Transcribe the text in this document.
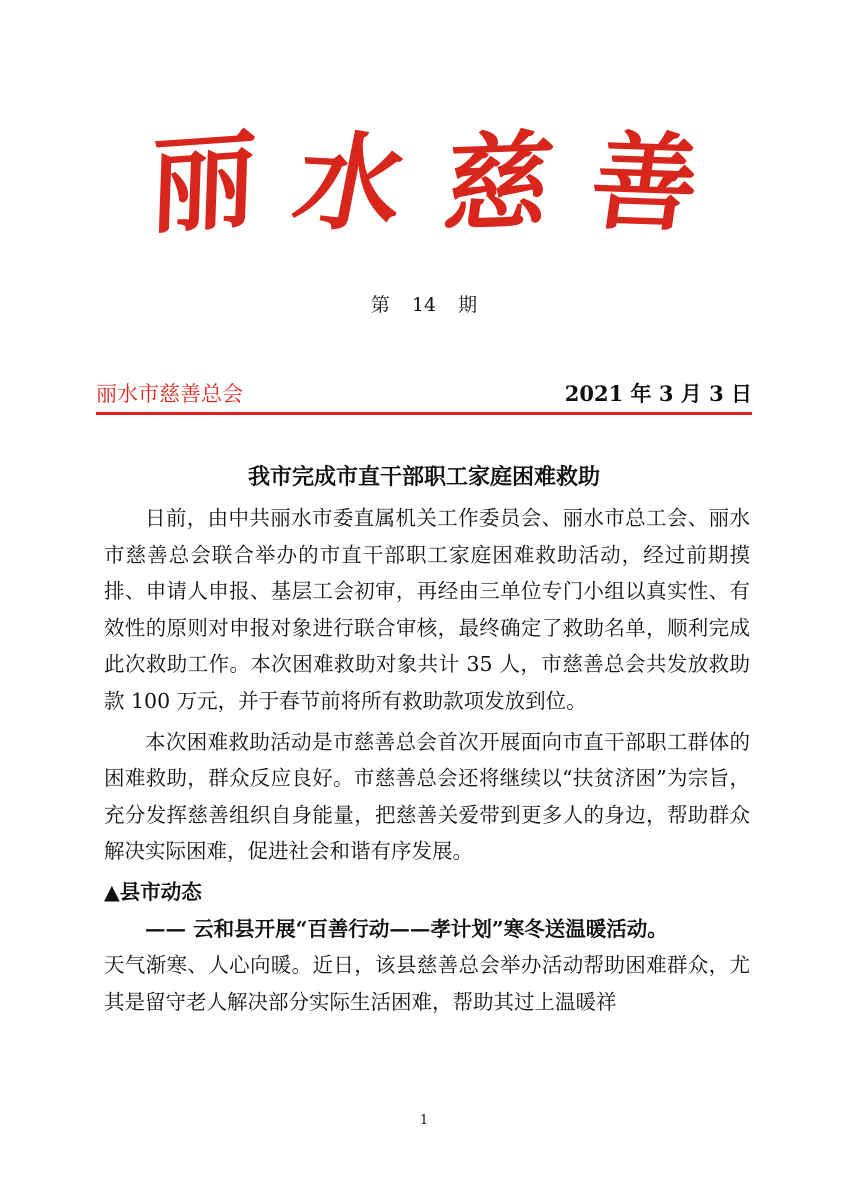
丽 水 慈 善
第 14 期
丽水市慈善总会	2021 年 3 月 3 日
我市完成市直干部职工家庭困难救助

日前，由中共丽水市委直属机关工作委员会、丽水市总工会、丽水市慈善总会联合举办的市直干部职工家庭困难救助活动，经过前期摸排、申请人申报、基层工会初审，再经由三单位专门小组以真实性、有效性的原则对申报对象进行联合审核，最终确定了救助名单，顺利完成此次救助工作。本次困难救助对象共计 35 人，市慈善总会共发放救助款 100 万元，并于春节前将所有救助款项发放到位。

本次困难救助活动是市慈善总会首次开展面向市直干部职工群体的困难救助，群众反应良好。市慈善总会还将继续以“扶贫济困”为宗旨，充分发挥慈善组织自身能量，把慈善关爱带到更多人的身边，帮助群众解决实际困难，促进社会和谐有序发展。

▲县市动态
—— 云和县开展“百善行动——孝计划”寒冬送温暖活动。

天气渐寒、人心向暖。近日，该县慈善总会举办活动帮助困难群众，尤其是留守老人解决部分实际生活困难，帮助其过上温暖祥

1
